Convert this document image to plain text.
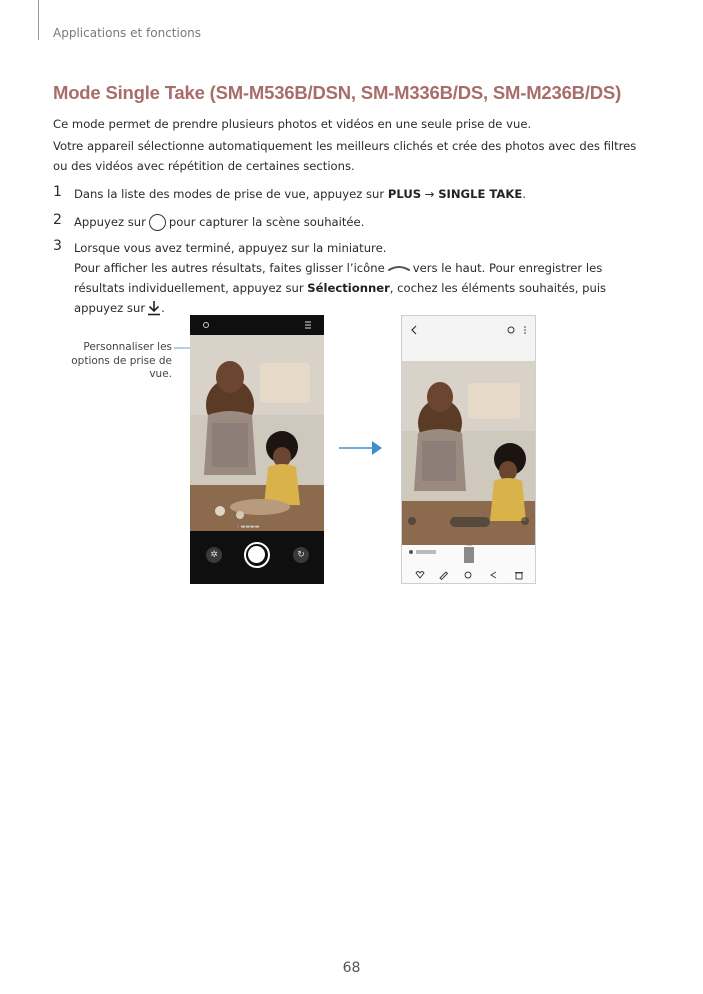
Applications et fonctions
Mode Single Take (SM-M536B/DSN, SM-M336B/DS, SM-M236B/DS)

Ce mode permet de prendre plusieurs photos et vidéos en une seule prise de vue.

Votre appareil sélectionne automatiquement les meilleurs clichés et crée des photos avec des filtres ou des vidéos avec répétition de certaines sections.

1 Dans la liste des modes de prise de vue, appuyez sur PLUS → SINGLE TAKE.
2 Appuyez sur pour capturer la scène souhaitée.
3 Lorsque vous avez terminé, appuyez sur la miniature.
Pour afficher les autres résultats, faites glisser l’icône vers le haut. Pour enregistrer les résultats individuellement, appuyez sur Sélectionner, cochez les éléments souhaités, puis appuyez sur .
Personnaliser les options de prise de vue.
‹ ▬▬▬▬
✲	↻
68
